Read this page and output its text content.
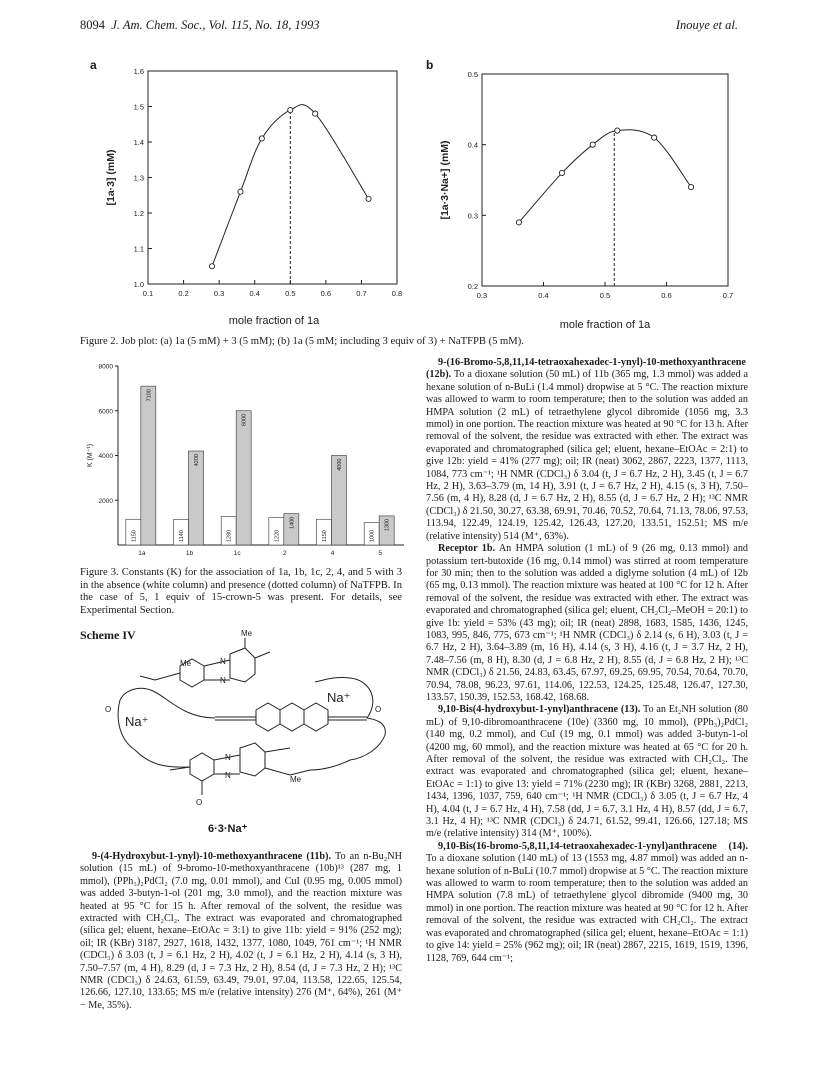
8094 J. Am. Chem. Soc., Vol. 115, No. 18, 1993	Inouye et al.
a
0.1	0.2	0.3	0.4	0.5	0.6	0.7	0.8
1.0
1.1
1.2
1.3
1.4
1.5
1.6
[1a·3] (mM)
mole fraction of 1a
b
0.3	0.4	0.5	0.6	0.7
0.2
0.3
0.4
0.5
[1a·3·Na+] (mM)
mole fraction of 1a
Figure 2. Job plot: (a) 1a (5 mM) + 3 (5 mM); (b) 1a (5 mM; including 3 equiv of 3) + NaTFPB (5 mM).
2000
4000
6000
8000
K (M⁻¹)
1150
7100
1a
1140
4200
1b
1280
6000
1c
1220
1400
2
1150
4000
4
1000
1300
5
Figure 3. Constants (K) for the association of 1a, 1b, 1c, 2, 4, and 5 with 3 in the absence (white column) and presence (dotted column) of NaTFPB. In the case of 5, 1 equiv of 15-crown-5 was present. For details, see Experimental Section.
Scheme IV	Me
Me
Na⁺
Na⁺
O	O
N
N
N
N	Me
O
6·3·Na⁺

9-(4-Hydroxybut-1-ynyl)-10-methoxyanthracene (11b). To an n-Bu₂NH solution (15 mL) of 9-bromo-10-methoxyanthracene (10b)¹³ (287 mg, 1 mmol), (PPh₃)₂PdCl₂ (7.0 mg, 0.01 mmol), and CuI (0.95 mg, 0.005 mmol) was added 3-butyn-1-ol (201 mg, 3.0 mmol), and the reaction mixture was heated at 95 °C for 15 h. After removal of the solvent, the residue was extracted with CH₂Cl₂. The extract was evaporated and chromatographed (silica gel; eluent, hexane–EtOAc = 3:1) to give 11b: yield = 91% (252 mg); oil; IR (KBr) 3187, 2927, 1618, 1432, 1377, 1080, 1049, 761 cm⁻¹; ¹H NMR (CDCl₃) δ 3.03 (t, J = 6.1 Hz, 2 H), 4.02 (t, J = 6.1 Hz, 2 H), 4.14 (s, 3 H), 7.50–7.57 (m, 4 H), 8.29 (d, J = 7.3 Hz, 2 H), 8.54 (d, J = 7.3 Hz, 2 H); ¹³C NMR (CDCl₃) δ 24.63, 61.59, 63.49, 79.01, 97.04, 113.58, 122.65, 125.54, 126.66, 127.10, 133.65; MS m/e (relative intensity) 276 (M⁺, 64%), 261 (M⁺ − Me, 35%).

9-(16-Bromo-5,8,11,14-tetraoxahexadec-1-ynyl)-10-methoxyanthracene (12b). To a dioxane solution (50 mL) of 11b (365 mg, 1.3 mmol) was added a hexane solution of n-BuLi (1.4 mmol) dropwise at 5 °C. The reaction mixture was allowed to warm to room temperature; then to the solution was added an HMPA solution (2 mL) of tetraethylene glycol dibromide (1056 mg, 3.3 mmol) in one portion. The reaction mixture was heated at 90 °C for 13 h. After removal of the solvent, the residue was extracted with ether. The extract was evaporated and chromatographed (silica gel; eluent, hexane–EtOAc = 2:1) to give 12b: yield = 41% (277 mg); oil; IR (neat) 3062, 2867, 2223, 1377, 1113, 1084, 773 cm⁻¹; ¹H NMR (CDCl₃) δ 3.04 (t, J = 6.7 Hz, 2 H), 3.45 (t, J = 6.7 Hz, 2 H), 3.63–3.79 (m, 14 H), 3.91 (t, J = 6.7 Hz, 2 H), 4.15 (s, 3 H), 7.50–7.56 (m, 4 H), 8.28 (d, J = 6.7 Hz, 2 H), 8.55 (d, J = 6.7 Hz, 2 H); ¹³C NMR (CDCl₃) δ 21.50, 30.27, 63.38, 69.91, 70.46, 70.52, 70.64, 71.13, 78.06, 97.53, 113.94, 122.49, 124.19, 125.42, 126.43, 127.20, 133.51, 152.51; MS m/e (relative intensity) 514 (M⁺, 63%).

Receptor 1b. An HMPA solution (1 mL) of 9 (26 mg, 0.13 mmol) and potassium tert-butoxide (16 mg, 0.14 mmol) was stirred at room temperature for 30 min; then to the solution was added a diglyme solution (4 mL) of 12b (65 mg, 0.13 mmol). The reaction mixture was heated at 100 °C for 12 h. After removal of the solvent, the residue was extracted with ether. The extract was evaporated and chromatographed (silica gel; eluent, CH₂Cl₂–MeOH = 20:1) to give 1b: yield = 53% (43 mg); oil; IR (neat) 2898, 1683, 1585, 1436, 1245, 1083, 995, 846, 775, 673 cm⁻¹; ¹H NMR (CDCl₃) δ 2.14 (s, 6 H), 3.03 (t, J = 6.7 Hz, 2 H), 3.64–3.89 (m, 16 H), 4.14 (s, 3 H), 4.16 (t, J = 3.7 Hz, 2 H), 7.48–7.56 (m, 8 H), 8.30 (d, J = 6.8 Hz, 2 H), 8.55 (d, J = 6.8 Hz, 2 H); ¹³C NMR (CDCl₃) δ 21.56, 24.83, 63.45, 67.97, 69.25, 69.95, 70.54, 70.64, 70.70, 70.94, 78.08, 96.23, 97.61, 114.06, 122.53, 124.25, 125.48, 126.47, 127.30, 133.57, 150.39, 152.53, 168.42, 168.68.

9,10-Bis(4-hydroxybut-1-ynyl)anthracene (13). To an Et₂NH solution (80 mL) of 9,10-dibromoanthracene (10e) (3360 mg, 10 mmol), (PPh₃)₂PdCl₂ (140 mg, 0.2 mmol), and CuI (19 mg, 0.1 mmol) was added 3-butyn-1-ol (4200 mg, 60 mmol), and the reaction mixture was heated at 65 °C for 20 h. After removal of the solvent, the residue was extracted with CH₂Cl₂. The extract was evaporated and chromatographed (silica gel; eluent, hexane–EtOAc = 1:1) to give 13: yield = 71% (2230 mg); IR (KBr) 3268, 2881, 2213, 1434, 1396, 1037, 759, 640 cm⁻¹; ¹H NMR (CDCl₃) δ 3.05 (t, J = 6.7 Hz, 4 H), 4.04 (t, J = 6.7 Hz, 4 H), 7.58 (dd, J = 6.7, 3.1 Hz, 4 H), 8.57 (dd, J = 6.7, 3.1 Hz, 4 H); ¹³C NMR (CDCl₃) δ 24.71, 61.52, 99.41, 126.66, 127.18; MS m/e (relative intensity) 314 (M⁺, 100%).

9,10-Bis(16-bromo-5,8,11,14-tetraoxahexadec-1-ynyl)anthracene (14). To a dioxane solution (140 mL) of 13 (1553 mg, 4.87 mmol) was added an n-hexane solution of n-BuLi (10.7 mmol) dropwise at 5 °C. The reaction mixture was allowed to warm to room temperature; then to the solution was added an HMPA solution (7.8 mL) of tetraethylene glycol dibromide (9400 mg, 30 mmol) in one portion. The reaction mixture was heated at 90 °C for 12 h. After removal of the solvent, the residue was extracted with CH₂Cl₂. The extract was evaporated and chromatographed (silica gel; eluent, hexane–EtOAc = 1:1) to give 14: yield = 25% (962 mg); oil; IR (neat) 2867, 2215, 1619, 1519, 1396, 1128, 769, 644 cm⁻¹;
